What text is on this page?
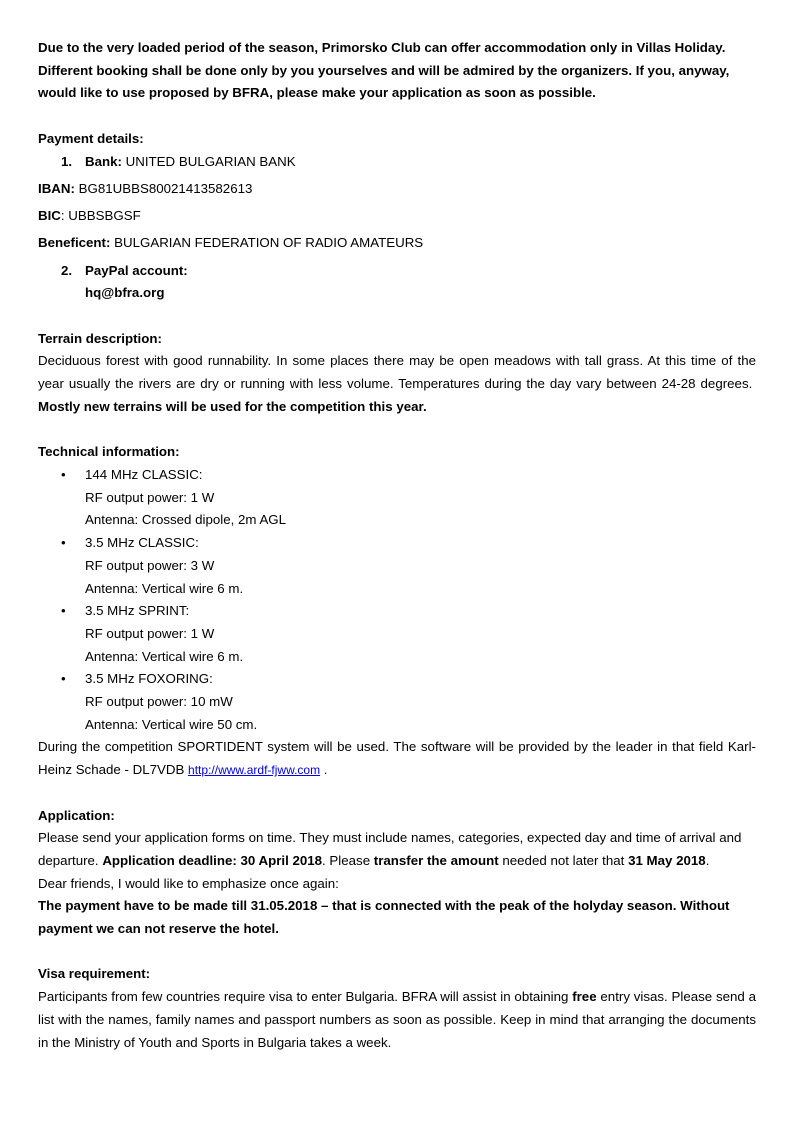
Due to the very loaded period of the season, Primorsko Club can offer accommodation only in Villas Holiday. Different booking shall be done only by you yourselves and will be admired by the organizers. If you, anyway, would like to use proposed by BFRA, please make your application as soon as possible.

Payment details:

1. Bank: UNITED BULGARIAN BANK

IBAN: BG81UBBS80021413582613

BIC: UBBSBGSF

Beneficent: BULGARIAN FEDERATION OF RADIO AMATEURS

2. PayPal account:

hq@bfra.org

Terrain description:

Deciduous forest with good runnability. In some places there may be open meadows with tall grass. At this time of the year usually the rivers are dry or running with less volume. Temperatures during the day vary between 24-28 degrees.  Mostly new terrains will be used for the competition this year.

Technical information:

• 144 MHz CLASSIC:

RF output power: 1 W

Antenna: Crossed dipole, 2m AGL

• 3.5 MHz CLASSIC:

RF output power: 3 W

Antenna: Vertical wire 6 m.

• 3.5 MHz SPRINT:

RF output power: 1 W

Antenna: Vertical wire 6 m.

• 3.5 MHz FOXORING:

RF output power: 10 mW

Antenna: Vertical wire 50 cm.

During the competition SPORTIDENT system will be used. The software will be provided by the leader in that field Karl-Heinz Schade - DL7VDB http://www.ardf-fjww.com .

Application:

Please send your application forms on time. They must include names, categories, expected day and time of arrival and departure. Application deadline: 30 April 2018. Please transfer the amount needed not later that 31 May 2018.

Dear friends, I would like to emphasize once again:

The payment have to be made till 31.05.2018 – that is connected with the peak of the holyday season. Without payment we can not reserve the hotel.

Visa requirement:

Participants from few countries require visa to enter Bulgaria. BFRA will assist in obtaining free entry visas. Please send a list with the names, family names and passport numbers as soon as possible. Keep in mind that arranging the documents in the Ministry of Youth and Sports in Bulgaria takes a week.
